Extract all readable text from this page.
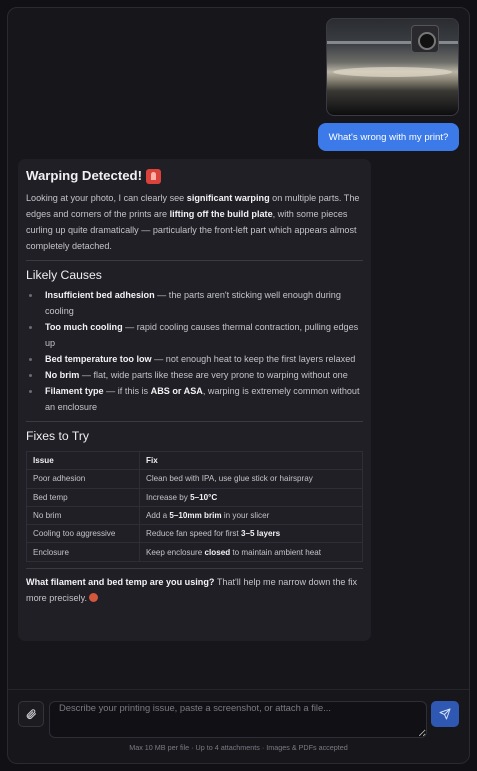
What's wrong with my print?
Warping Detected!

Looking at your photo, I can clearly see significant warping on multiple parts. The edges and corners of the prints are lifting off the build plate, with some pieces curling up quite dramatically — particularly the front-left part which appears almost completely detached.

Likely Causes
Insufficient bed adhesion — the parts aren't sticking well enough during cooling
Too much cooling — rapid cooling causes thermal contraction, pulling edges up
Bed temperature too low — not enough heat to keep the first layers relaxed
No brim — flat, wide parts like these are very prone to warping without one
Filament type — if this is ABS or ASA, warping is extremely common without an enclosure
Fixes to Try
Issue	Fix
Poor adhesion	Clean bed with IPA, use glue stick or hairspray
Bed temp	Increase by 5–10°C
No brim	Add a 5–10mm brim in your slicer
Cooling too aggressive	Reduce fan speed for first 3–5 layers
Enclosure	Keep enclosure closed to maintain ambient heat

What filament and bed temp are you using? That'll help me narrow down the fix more precisely.

Describe your printing issue, paste a screenshot, or attach a file...
Max 10 MB per file · Up to 4 attachments · Images & PDFs accepted
